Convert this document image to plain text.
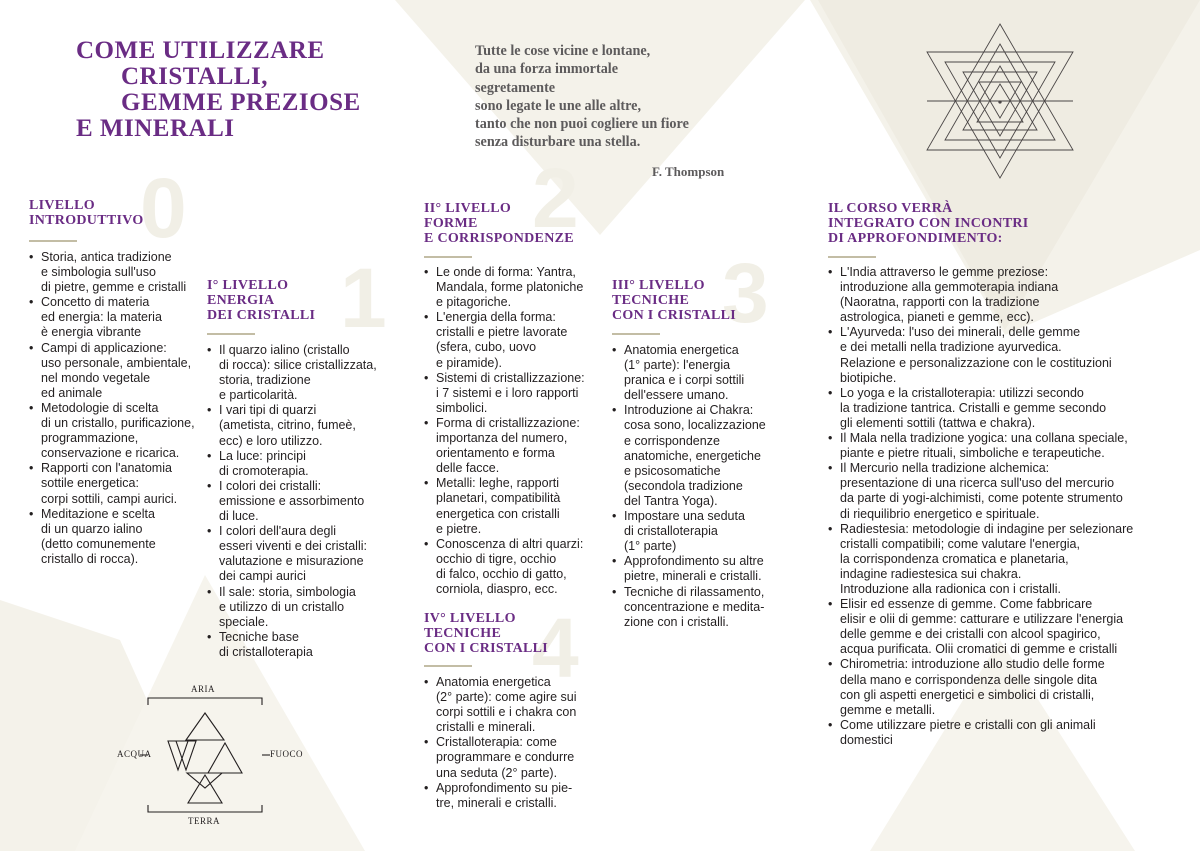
0
1
2
3
4
COME UTILIZZARE
CRISTALLI,
GEMME PREZIOSE
E MINERALI
Tutte le cose vicine e lontane,
da una forza immortale
segretamente
sono legate le une alle altre,
tanto che non puoi cogliere un fiore
senza disturbare una stella.
F. Thompson
LIVELLO
INTRODUTTIVO
• Storia, antica tradizione
e simbologia sull'uso
di pietre, gemme e cristalli
• Concetto di materia
ed energia: la materia
è energia vibrante
• Campi di applicazione:
uso personale, ambientale,
nel mondo vegetale
ed animale
• Metodologie di scelta
di un cristallo, purificazione,
programmazione,
conservazione e ricarica.
• Rapporti con l'anatomia
sottile energetica:
corpi sottili, campi aurici.
• Meditazione e scelta
di un quarzo ialino
(detto comunemente
cristallo di rocca).
I° LIVELLO
ENERGIA
DEI CRISTALLI
• Il quarzo ialino (cristallo
di rocca): silice cristallizzata,
storia, tradizione
e particolarità.
• I vari tipi di quarzi
(ametista, citrino, fumeè,
ecc) e loro utilizzo.
• La luce: principi
di cromoterapia.
• I colori dei cristalli:
emissione e assorbimento
di luce.
• I colori dell'aura degli
esseri viventi e dei cristalli:
valutazione e misurazione
dei campi aurici
• Il sale: storia, simbologia
e utilizzo di un cristallo
speciale.
• Tecniche base
di cristalloterapia
ARIA
ACQUA	FUOCO
TERRA
II° LIVELLO
FORME
E CORRISPONDENZE
• Le onde di forma: Yantra,
Mandala, forme platoniche
e pitagoriche.
• L'energia della forma:
cristalli e pietre lavorate
(sfera, cubo, uovo
e piramide).
• Sistemi di cristallizzazione:
i 7 sistemi e i loro rapporti
simbolici.
• Forma di cristallizzazione:
importanza del numero,
orientamento e forma
delle facce.
• Metalli: leghe, rapporti
planetari, compatibilità
energetica con cristalli
e pietre.
• Conoscenza di altri quarzi:
occhio di tigre, occhio
di falco, occhio di gatto,
corniola, diaspro, ecc.
IV° LIVELLO
TECNICHE
CON I CRISTALLI
• Anatomia energetica
(2° parte): come agire sui
corpi sottili e i chakra con
cristalli e minerali.
• Cristalloterapia: come
programmare e condurre
una seduta (2° parte).
• Approfondimento su pie-
tre, minerali e cristalli.
III° LIVELLO
TECNICHE
CON I CRISTALLI
• Anatomia energetica
(1° parte): l'energia
pranica e i corpi sottili
dell'essere umano.
• Introduzione ai Chakra:
cosa sono, localizzazione
e corrispondenze
anatomiche, energetiche
e psicosomatiche
(secondola tradizione
del Tantra Yoga).
• Impostare una seduta
di cristalloterapia
(1° parte)
• Approfondimento su altre
pietre, minerali e cristalli.
• Tecniche di rilassamento,
concentrazione e medita-
zione con i cristalli.
IL CORSO VERRÀ
INTEGRATO CON INCONTRI
DI APPROFONDIMENTO:
• L'India attraverso le gemme preziose:
introduzione alla gemmoterapia indiana
(Naoratna, rapporti con la tradizione
astrologica, pianeti e gemme, ecc).
• L'Ayurveda: l'uso dei minerali, delle gemme
e dei metalli nella tradizione ayurvedica.
Relazione e personalizzazione con le costituzioni
biotipiche.
• Lo yoga e la cristalloterapia: utilizzi secondo
la tradizione tantrica. Cristalli e gemme secondo
gli elementi sottili (tattwa e chakra).
• Il Mala nella tradizione yogica: una collana speciale,
piante e pietre rituali, simboliche e terapeutiche.
• Il Mercurio nella tradizione alchemica:
presentazione di una ricerca sull'uso del mercurio
da parte di yogi-alchimisti, come potente strumento
di riequilibrio energetico e spirituale.
• Radiestesia: metodologie di indagine per selezionare
cristalli compatibili; come valutare l'energia,
la corrispondenza cromatica e planetaria,
indagine radiestesica sui chakra.
Introduzione alla radionica con i cristalli.
• Elisir ed essenze di gemme. Come fabbricare
elisir e olii di gemme: catturare e utilizzare l'energia
delle gemme e dei cristalli con alcool spagirico,
acqua purificata. Olii cromatici di gemme e cristalli
• Chirometria: introduzione allo studio delle forme
della mano e corrispondenza delle singole dita
con gli aspetti energetici e simbolici di cristalli,
gemme e metalli.
• Come utilizzare pietre e cristalli con gli animali
domestici
